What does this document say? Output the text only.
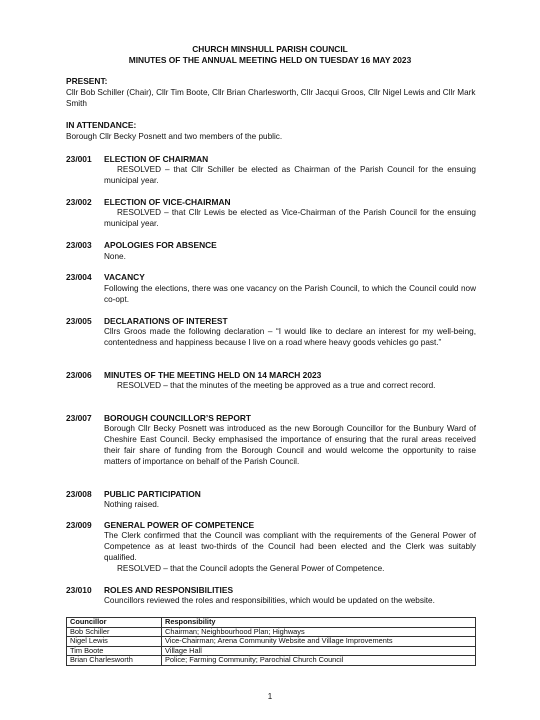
CHURCH MINSHULL PARISH COUNCIL
MINUTES OF THE ANNUAL MEETING HELD ON TUESDAY 16 MAY 2023
PRESENT:
Cllr Bob Schiller (Chair), Cllr Tim Boote, Cllr Brian Charlesworth, Cllr Jacqui Groos, Cllr Nigel Lewis and Cllr Mark Smith
IN ATTENDANCE:
Borough Cllr Becky Posnett and two members of the public.
23/001 ELECTION OF CHAIRMAN
RESOLVED – that Cllr Schiller be elected as Chairman of the Parish Council for the ensuing municipal year.
23/002 ELECTION OF VICE-CHAIRMAN
RESOLVED – that Cllr Lewis be elected as Vice-Chairman of the Parish Council for the ensuing municipal year.
23/003 APOLOGIES FOR ABSENCE
None.
23/004 VACANCY
Following the elections, there was one vacancy on the Parish Council, to which the Council could now co-opt.
23/005 DECLARATIONS OF INTEREST
Cllrs Groos made the following declaration – “I would like to declare an interest for my well-being, contentedness and happiness because I live on a road where heavy goods vehicles go past.”
23/006 MINUTES OF THE MEETING HELD ON 14 MARCH 2023
RESOLVED – that the minutes of the meeting be approved as a true and correct record.
23/007 BOROUGH COUNCILLOR’S REPORT
Borough Cllr Becky Posnett was introduced as the new Borough Councillor for the Bunbury Ward of Cheshire East Council. Becky emphasised the importance of ensuring that the rural areas received their fair share of funding from the Borough Council and would welcome the opportunity to raise matters of importance on behalf of the Parish Council.
23/008 PUBLIC PARTICIPATION
Nothing raised.
23/009 GENERAL POWER OF COMPETENCE
The Clerk confirmed that the Council was compliant with the requirements of the General Power of Competence as at least two-thirds of the Council had been elected and the Clerk was suitably qualified.
RESOLVED – that the Council adopts the General Power of Competence.
23/010 ROLES AND RESPONSIBILITIES
Councillors reviewed the roles and responsibilities, which would be updated on the website.
Councillor	Responsibility
Bob Schiller	Chairman; Neighbourhood Plan; Highways
Nigel Lewis	Vice-Chairman; Arena Community Website and Village Improvements
Tim Boote	Village Hall
Brian Charlesworth	Police; Farming Community; Parochial Church Council
1
